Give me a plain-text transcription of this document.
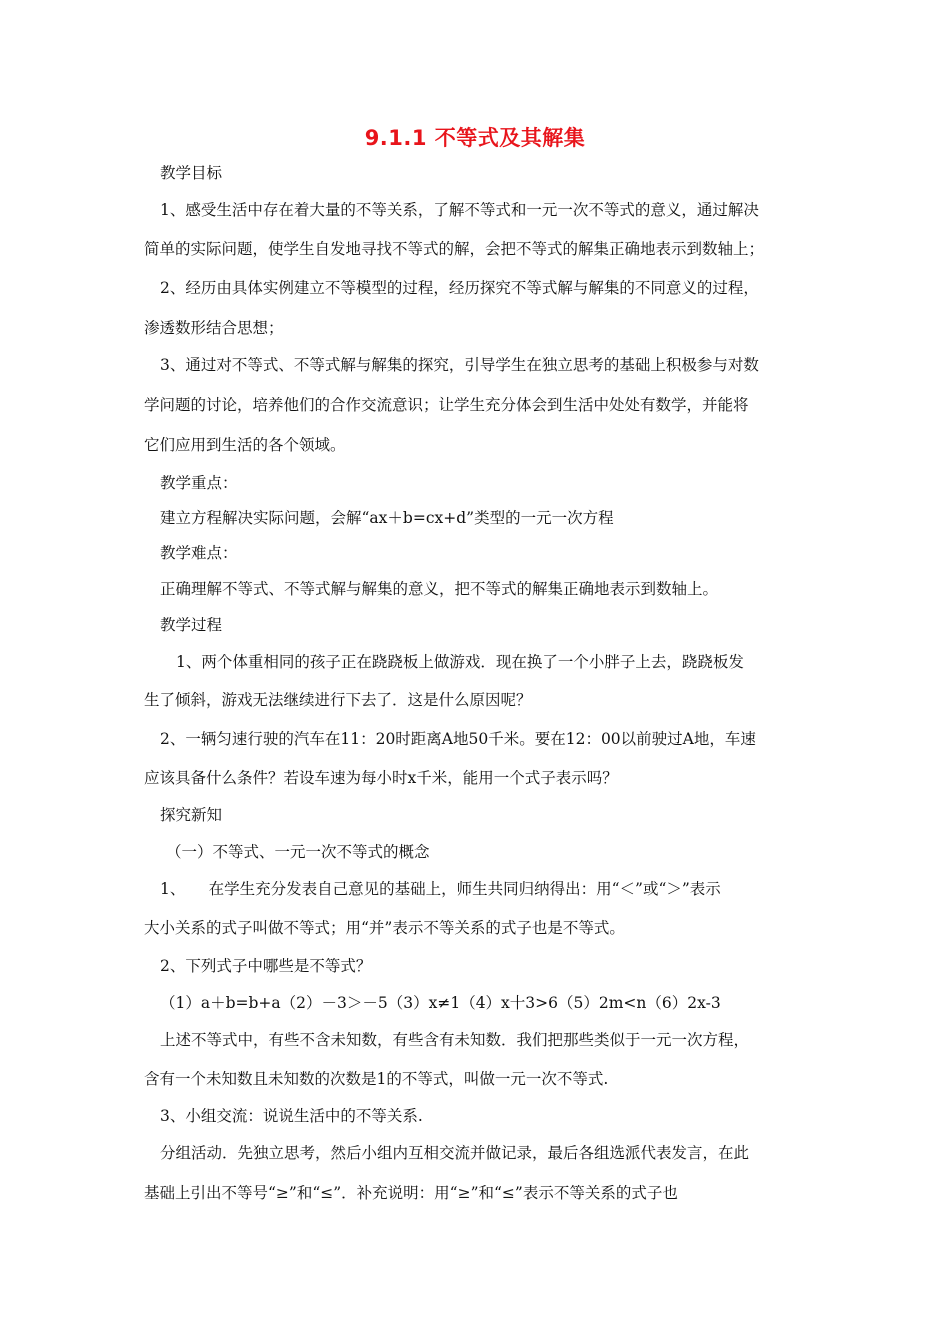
9.1.1 不等式及其解集
教学目标
1、感受生活中存在着大量的不等关系，了解不等式和一元一次不等式的意义，通过解决
简单的实际问题，使学生自发地寻找不等式的解，会把不等式的解集正确地表示到数轴上；
2、经历由具体实例建立不等模型的过程，经历探究不等式解与解集的不同意义的过程，
渗透数形结合思想；
3、通过对不等式、不等式解与解集的探究，引导学生在独立思考的基础上积极参与对数
学问题的讨论，培养他们的合作交流意识；让学生充分体会到生活中处处有数学，并能将
它们应用到生活的各个领域。
教学重点：
建立方程解决实际问题，会解“ax＋b=cx+d”类型的一元一次方程
教学难点：
正确理解不等式、不等式解与解集的意义，把不等式的解集正确地表示到数轴上。
教学过程
1、两个体重相同的孩子正在跷跷板上做游戏．现在换了一个小胖子上去，跷跷板发
生了倾斜，游戏无法继续进行下去了．这是什么原因呢？
2、一辆匀速行驶的汽车在11：20时距离A地50千米。要在12：00以前驶过A地，车速
应该具备什么条件？若设车速为每小时x千米，能用一个式子表示吗？
探究新知
（一）不等式、一元一次不等式的概念
1、　　在学生充分发表自己意见的基础上，师生共同归纳得出：用“＜”或“＞”表示
大小关系的式子叫做不等式；用“并”表示不等关系的式子也是不等式。
2、下列式子中哪些是不等式？
（1）a＋b=b+a（2）－3＞－5（3）x≠1（4）x十3>6（5）2m<n（6）2x-3
上述不等式中，有些不含未知数，有些含有未知数．我们把那些类似于一元一次方程，
含有一个未知数且未知数的次数是1的不等式，叫做一元一次不等式.
3、小组交流：说说生活中的不等关系.
分组活动．先独立思考，然后小组内互相交流并做记录，最后各组选派代表发言，在此
基础上引出不等号“≥”和“≤”．补充说明：用“≥”和“≤”表示不等关系的式子也
